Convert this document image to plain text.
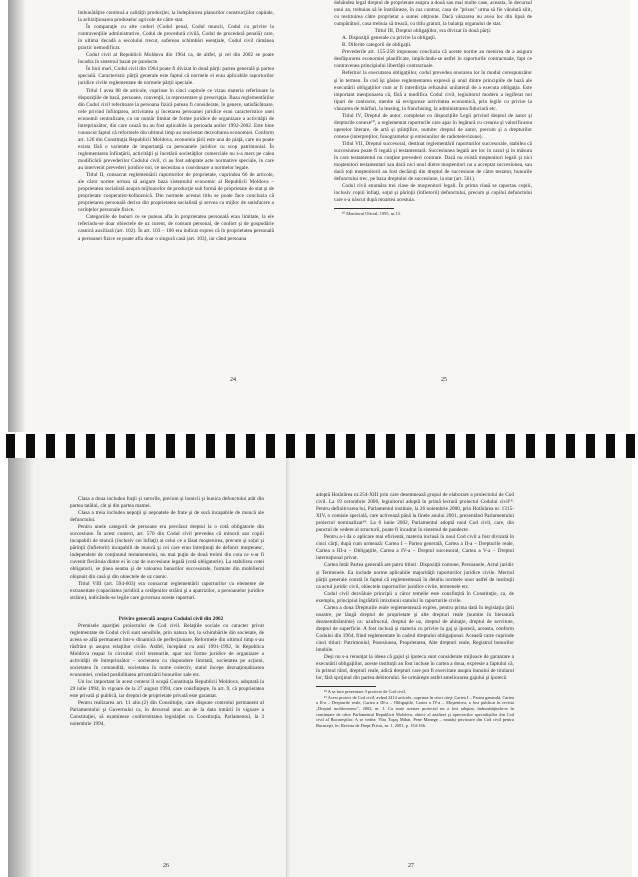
îmbunătăţire continuă a calităţii producţiei, la îndeplinirea planurilor construcţiilor capitale, la achiziţionarea produselor agricole de către stat.

În comparaţie cu alte coduri (Codul penal, Codul muncii, Codul cu privire la contravenţiile administrative, Codul de procedură civilă, Codul de procedură penală) care, în ultima decadă a secolului trecut, sufereau schimbări esenţiale, Codul civil rămânea practic nemodificat.

Codul civil al Republicii Moldova din 1964 ca, de altfel, şi cel din 2002 se poate încadra în sistemul bazat pe pandecte.

În linii mari, Codul civil din 1964 poate fi divizat în două părţi: partea generală şi partea specială. Caracteristic părţii generale este faptul că normele ei erau aplicabile raporturilor juridice civile reglementate de normele părţii speciale.

Titlul I avea 88 de articole, cuprinse în cinci capitole ce vizau materia referitoare la dispoziţiile de bază, persoane, convenţii, la reprezentare şi prescripţia. Baza reglementărilor din Codul civil referitoare la persoana fizică puteau fi considerate, în genere, satisfăcătoare, cele privind înfiinţarea, activitatea şi încetarea persoanei juridice erau caracteristice unei economii centralizate, cu un număr limitat de forme juridice de organizare a activităţii de întreprinzător, din care cauză nu au fost aplicabile la perioada anilor 1992-2002. Este bine cunoscut faptul că reformele din ultimul timp au reorientat dezvoltarea economiei. Conform art. 126 din Constituţia Republicii Moldova, economia ţării este una de piaţă, care nu poate exista fără o varietate de importanţă ca persoanele juridice cu scop patrimonial. În reglementarea înfiinţării, activităţii şi încetării societăţilor comerciale nu s-a mers pe calea modificării prevederilor Codului civil, ci au fost adoptate acte normative speciale, în care au intervenit prevederi juridice noi, ce necesitau o coordonare a normelor legale.

Titlul II, consacrat reglementării raporturilor de proprietate, cuprindea 66 de articole, ale căror norme urmau să asigure baza sistemului economic al Republicii Moldova – proprietatea socialistă asupra mijloacelor de producţie sub formă de proprietate de stat şi de proprietate cooperatist-kolhoznică. Din normele acestui titlu se poate face concluzia că proprietarea personală deriva din proprietatea socialistă şi servea ca mijloc de satisfacere a cerinţelor personale fizice.

Categoriile de bunuri ce se puteau afla în proprietatea personală erau limitate, la ele referindu-se doar obiectele de uz curent, de consum personal, de confort şi de gospodărie casnică auxiliară (art. 102). În art. 103 – 106 era indicat expres că în proprietatea personală a persoanei fizice se poate afla doar o singură casă (art. 103), iar când persoana

24

dobândea legal dreptul de proprietate asupra a două sau mai multe case, aceasta, în decursul unui an, trebuiau să le înstrăineze, în caz contrar, casa de "prisos" urma să fie vândută silit, cu restituirea către proprietar a sumei obţinute. Dacă vânzarea nu avea loc din lipsă de cumpărători, casa trebuia să treacă, cu titlu gratuit, la balanţa organului de stat.

Titlul III, Dreptul obligaţiilor, era divizat în două părţi:

A. Dispoziţii generale cu privire la obligaţii.

B. Diferite categorii de obligaţii.

Prevederile art. 155-258 impuneau concluzia că aceste norme au menirea de a asigura desfăşurarea economiei planificate, implicându-se astfel în raporturile contractuale, fapt ce contravenea principiului libertăţii contractuale.

Referitor la executarea obligaţiilor, codul prevedea onorarea lor în modul corespunzător şi în termen. În cod îşi găsise reglementarea expresă şi unul dintre principiile de bază ale executării obligaţiilor cum ar fi interdicţia refuzului unilateral de a executa obligaţia. Este important menţionarea că, fără a modifica Codul civil, legiuitorul modern a legiferat noi tipuri de contracte, menite să revigoreze activitatea economică, prin legile cu privire la vânzarea de mărfuri, la leasing, la franchising, la administrarea fiduciară etc.

Titlul IV, Dreptul de autor, completat cu dispoziţiile Legii privind dreptul de autor şi drepturile conexe¹⁰, a reglementat raporturile care apar în legătură cu crearea şi valorificarea operelor literare, de artă şi ştiinţifice, numite: dreptul de autor, precum şi a drepturilor conexe (interpreţilor, fonogramelor şi emisiunilor de radiotelevizune).

Titlul VII, Dreptul succesoral, destinat reglementării raporturilor succesorale, stabilea că succesiunea poate fi legală şi testamentară. Succesiunea legală are loc în cazul şi în măsura în care testamentul nu conţine prevederi contrare. Dacă nu există moştenitori legali şi nici moştenitori testamentari sau dacă nici unul dintre moştenitori nu a acceptat succesiunea, sau dacă toţi moştenitorii au fost decăzuţi din dreptul de succesiune de către testator, bunurile defunctului trec, pe baza dreptului de succesiune, la stat (art. 561).

Codul civil enumăra trei clase de moştenitori legali. În prima clasă se raportau copiii, inclusiv copiii înfiaţi, soţul şi părinţii (înfietorii) defunctului, precum şi copilul defunctului care s-a născut după moartea acestuia.

¹⁰ Monitorul Oficial, 1995, nr.13.

25

Clasa a doua includea fraţii şi surorile, precum şi bunicii şi bunica defunctului atât din partea tatălui, cât şi din partea mamei.

Clasa a treia includea nepoţii şi nepoatele de frate şi de soră incapabile de muncă ale defunctului.

Pentru unele categorii de persoane era prevăzut dreptul la o cotă obligatorie din succesiune. În acest context, art. 570 din Codul civil prevedea că minorii sau copiii incapabili de muncă (inclusiv cei înfiaţi) ai celui ce a lăsat moştenirea, precum şi soţul şi părinţii (înfietorii) incapabili de muncă şi cei care erau întreţinuţi de defunct moştenesc, independent de conţinutul testamentului, nu mai puţin de două treimi din cota ce s-ar fi cuvenit fiecăruia dintre ei în caz de succesiune legală (cotă obligatorie). La stabilirea cotei obligatorii, se ţinea seama şi de valoarea bunurilor succesorale, formate din mobilierul obişnuit din casă şi din obiectele de uz casnic.

Titlul VIII (art. 594-603) era consacrat reglementării raporturilor cu elemente de extraneitate (capacitatea juridică a cetăţenilor străini şi a apatrizilor, a persoanelor juridice străine), indicându-se legile care guvernau aceste raporturi.

Privire generală asupra Codului civil din 2002

Premisele apariţiei proiectului de Cod civil. Relaţiile sociale cu caracter privat reglementate de Codul civil sunt sensibile, prin natura lor, la schimbările din societate, de aceea se află permanent într-o dinamică de perfecţionare. Reformele din ultimul timp s-au răsfrânt şi asupra relaţiilor civile. Astfel, începând cu anii 1991-1992, în Republica Moldova reapar în circuitul civil terenurile, apar noi forme juridice de organizare a activităţii de întreprinzător – societatea cu răspundere limitată, societatea pe acţiuni, societatea în comandită, societatea în nume colectiv, statul începe deznaţionalizarea economiei, creând posibilitatea privatizării bunurilor sale etc.

Un loc important în acest context îl ocupă Constituţia Republicii Moldova, adoptată la 29 iulie 1994, în vigoare de la 27 august 1994, care consfinţeşte, în art. 9, că proprietatea este privată şi publică, iar dreptul de proprietate privată este garantat.

Pentru realizarea art. 11 alin.(2) din Constituţie, care dispune controlul permanent al Parlamentului şi Guvernului ca, în decursul unui an de la data intrării în vigoare a Constituţiei, să examineze conformitatea legislaţiei cu Constituţia, Parlamentul, la 3 noiembrie 1994,

26

adoptă Hotărârea nr.254-XIII prin care desemnează grupul de elaborare a proiectului de Cod civil. La 19 octombrie 2000, legiuitorul adoptă în primă lectură proiectul Codului civil¹⁸. Pentru definitivarea lui, Parlamentul instituie, la 26 noiembrie 2000, prin Hotărârea nr. 1315-XIV, o comisie specială, care activează până la finele anului 2001, prezentând Parlamentului proiectul nominalizat¹⁹. La 6 iunie 2002, Parlamentul adoptă noul Cod civil, care, din punctul de vedere al structurii, poate fi încadrat în sistemul de pandecte.

Pentru a-i da o aplicare mai eficientă, materia inclusă în noul Cod civil a fost divizată în cinci cărţi, după cum urmează: Cartea I – Partea generală, Cartea a II-a – Drepturile reale, Cartea a III-a – Obligaţiile, Cartea a IV-a – Dreptul succesoral, Cartea a V-a – Dreptul internaţional privat.

Cartea întâi Partea generală are patru titluri: Dispoziţii comune, Persoanele, Actul juridic şi Termenele. Ea include norme aplicabile majorităţii raporturilor juridice civile. Meritul părţii generale constă în faptul că reglementează în detaliu normele unor astfel de instituţii ca actul juridic civil, obiectele raporturilor juridice civile, termenele etc.

Codul civil dezvăluie principii a căror temelie este consfinţită în Constituţie, ca, de exemplu, principiul îngrădirii imixtiunii statului în raporturile civile.

Cartea a doua Drepturile reale reglementează expres, pentru prima dată în legislaţia ţării noastre, pe lângă dreptul de proprietate şi alte drepturi reale (numite în literatură dezmembrăminte) ca: uzufructul, dreptul de uz, dreptul de abitaţie, dreptul de servitute, dreptul de superficie. A fost inclusă şi materia cu privire la gaj şi ipotecă, aceasta, conform Codului din 1964, fiind reglementate în cadrul dreptului obligaţional. Această carte cuprinde cinci titluri: Patrimoniul, Posesiunea, Proprietatea, Alte drepturi reale, Registrul bunurilor imobile.

Deşi nu s-a renunţat la ideea că gajul şi ipoteca sunt considerate mijloace de garantare a executării obligaţiilor, aceste instituţii au fost incluse în cartea a doua, expresie a faptului că, în primul rând, drepturi reale, adică drepturi care pot fi exercitate asupra bunului de titularul lor, fără sprijinul din partea debitorului. Se urmăreşte astfel ameliorarea gajului şi ipotecii

¹⁸ A se face prezentare 3 proiecte de Cod civil.

¹⁹ Acest proiect de Cod civil, având 2414 articole, cuprinse în cinci cărţi: Cartea I – Partea generală, Cartea a II-a – Drepturile reale, Cartea a III-a – Obligaţiile, Cartea a IV-a – Moştenirea, a fost publicat în revista „Dreptul moldovenesc", 2002, nr. 1. Cu toate acestea proiectul nu a fost adoptat, îmbunătăţindu-se în continuare de către Parlamentul Republicii Moldova, obiect al analizei şi aprecierilor specialiştilor din Cod civil al Bucureştilor. A se vedea: Vlas Tuşaş Mihai, Pene Manege – noutăţi privitoare din Cod civil pentru Bucureşti, în: Revista de Drept Privat, nr. 1, 2001, p. 154-166.

27
